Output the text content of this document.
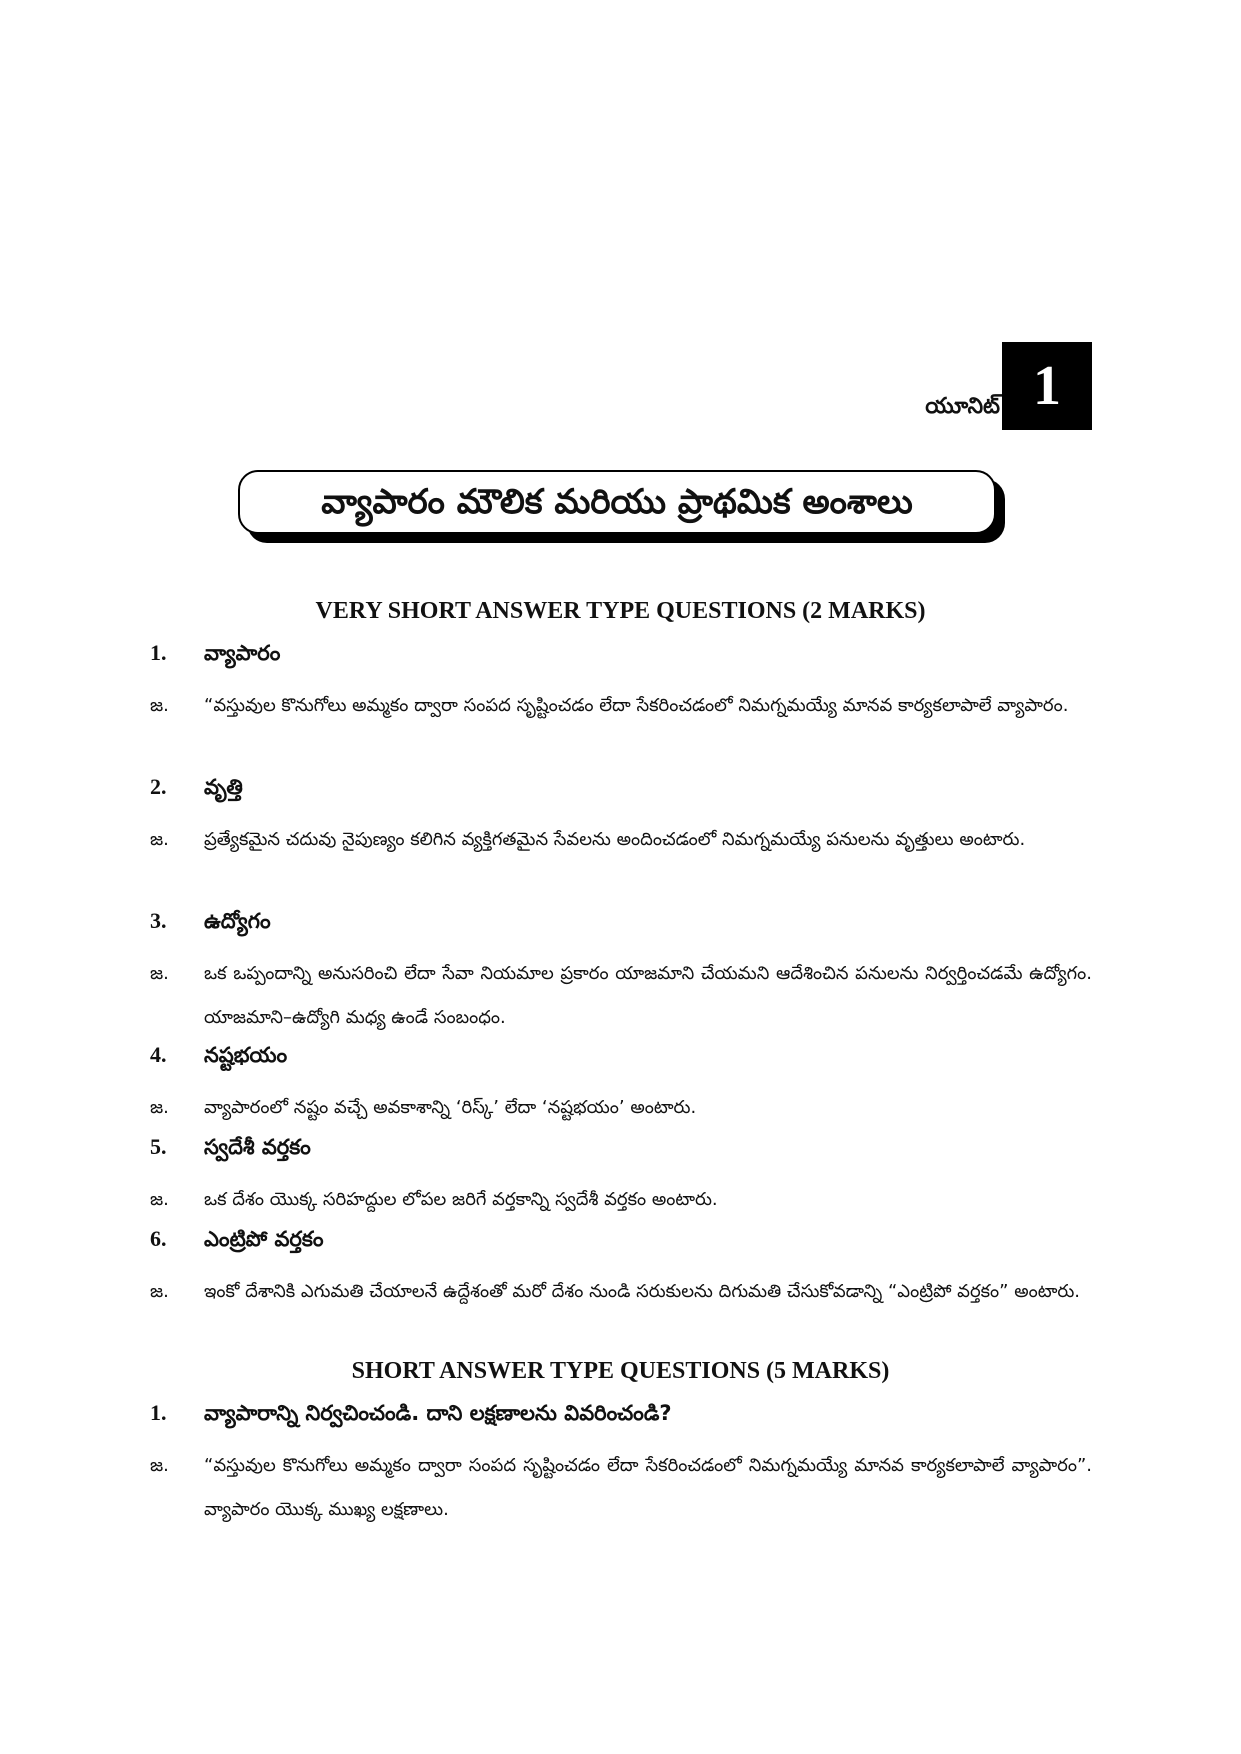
యూనిట్ 1
వ్యాపారం మౌలిక మరియు ప్రాథమిక అంశాలు
VERY SHORT ANSWER TYPE QUESTIONS (2 MARKS)
1.	వ్యాపారం
జ.	“వస్తువుల కొనుగోలు అమ్మకం ద్వారా సంపద సృష్టించడం లేదా సేకరించడంలో నిమగ్నమయ్యే మానవ కార్యకలాపాలే వ్యాపారం.
2.	వృత్తి
జ.	ప్రత్యేకమైన చదువు నైపుణ్యం కలిగిన వ్యక్తిగతమైన సేవలను అందించడంలో నిమగ్నమయ్యే పనులను వృత్తులు అంటారు.
3.	ఉద్యోగం
జ.	ఒక ఒప్పందాన్ని అనుసరించి లేదా సేవా నియమాల ప్రకారం యాజమాని చేయమని ఆదేశించిన పనులను నిర్వర్తించడమే ఉద్యోగం. యాజమాని–ఉద్యోగి మధ్య ఉండే సంబంధం.
4.	నష్టభయం
జ.	వ్యాపారంలో నష్టం వచ్చే అవకాశాన్ని ‘రిస్క్’ లేదా ‘నష్టభయం’ అంటారు.
5.	స్వదేశీ వర్తకం
జ.	ఒక దేశం యొక్క సరిహద్దుల లోపల జరిగే వర్తకాన్ని స్వదేశీ వర్తకం అంటారు.
6.	ఎంట్రిపో వర్తకం
జ.	ఇంకో దేశానికి ఎగుమతి చేయాలనే ఉద్దేశంతో మరో దేశం నుండి సరుకులను దిగుమతి చేసుకోవడాన్ని “ఎంట్రిపో వర్తకం” అంటారు.
SHORT ANSWER TYPE QUESTIONS (5 MARKS)
1.	వ్యాపారాన్ని నిర్వచించండి. దాని లక్షణాలను వివరించండి?
జ.	“వస్తువుల కొనుగోలు అమ్మకం ద్వారా సంపద సృష్టించడం లేదా సేకరించడంలో నిమగ్నమయ్యే మానవ కార్యకలాపాలే వ్యాపారం”. వ్యాపారం యొక్క ముఖ్య లక్షణాలు.
